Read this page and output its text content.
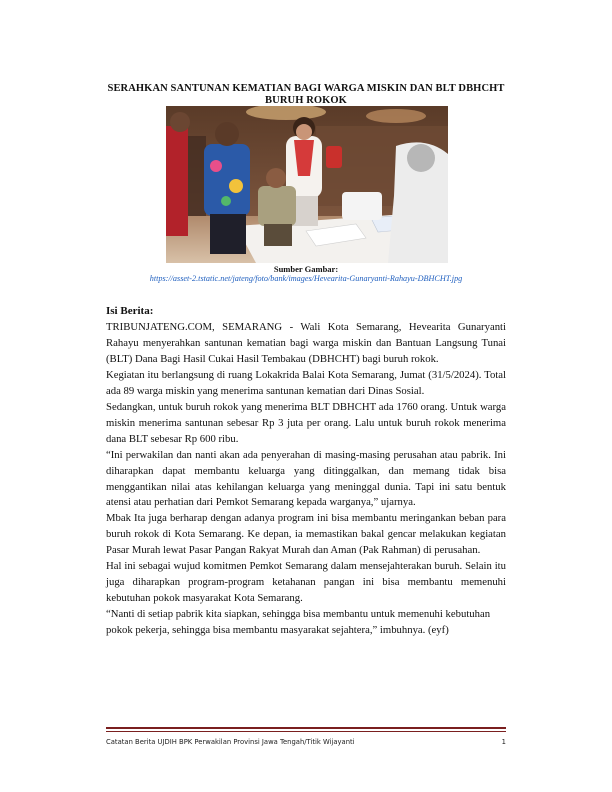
SERAHKAN SANTUNAN KEMATIAN BAGI WARGA MISKIN DAN BLT DBHCHT BURUH ROKOK
Sumber Gambar:
https://asset-2.tstatic.net/jateng/foto/bank/images/Hevearita-Gunaryanti-Rahayu-DBHCHT.jpg
Isi Berita:

TRIBUNJATENG.COM, SEMARANG - Wali Kota Semarang, Hevearita Gunaryanti Rahayu menyerahkan santunan kematian bagi warga miskin dan Bantuan Langsung Tunai (BLT) Dana Bagi Hasil Cukai Hasil Tembakau (DBHCHT) bagi buruh rokok.

Kegiatan itu berlangsung di ruang Lokakrida Balai Kota Semarang, Jumat (31/5/2024). Total ada 89 warga miskin yang menerima santunan kematian dari Dinas Sosial.

Sedangkan, untuk buruh rokok yang menerima BLT DBHCHT ada 1760 orang. Untuk warga miskin menerima santunan sebesar Rp 3 juta per orang. Lalu untuk buruh rokok menerima dana BLT sebesar Rp 600 ribu.

“Ini perwakilan dan nanti akan ada penyerahan di masing-masing perusahan atau pabrik. Ini diharapkan dapat membantu keluarga yang ditinggalkan, dan memang tidak bisa menggantikan nilai atas kehilangan keluarga yang meninggal dunia. Tapi ini satu bentuk atensi atau perhatian dari Pemkot Semarang kepada warganya,” ujarnya.

Mbak Ita juga berharap dengan adanya program ini bisa membantu meringankan beban para buruh rokok di Kota Semarang. Ke depan, ia memastikan bakal gencar melakukan kegiatan Pasar Murah lewat Pasar Pangan Rakyat Murah dan Aman (Pak Rahman) di perusahan.

Hal ini sebagai wujud komitmen Pemkot Semarang dalam mensejahterakan buruh. Selain itu juga diharapkan program-program ketahanan pangan ini bisa membantu memenuhi kebutuhan pokok masyarakat Kota Semarang.

“Nanti di setiap pabrik kita siapkan, sehingga bisa membantu untuk memenuhi kebutuhan pokok pekerja, sehingga bisa membantu masyarakat sejahtera,” imbuhnya. (eyf)

Catatan Berita UJDIH BPK Perwakilan Provinsi Jawa Tengah/Titik Wijayanti	1
